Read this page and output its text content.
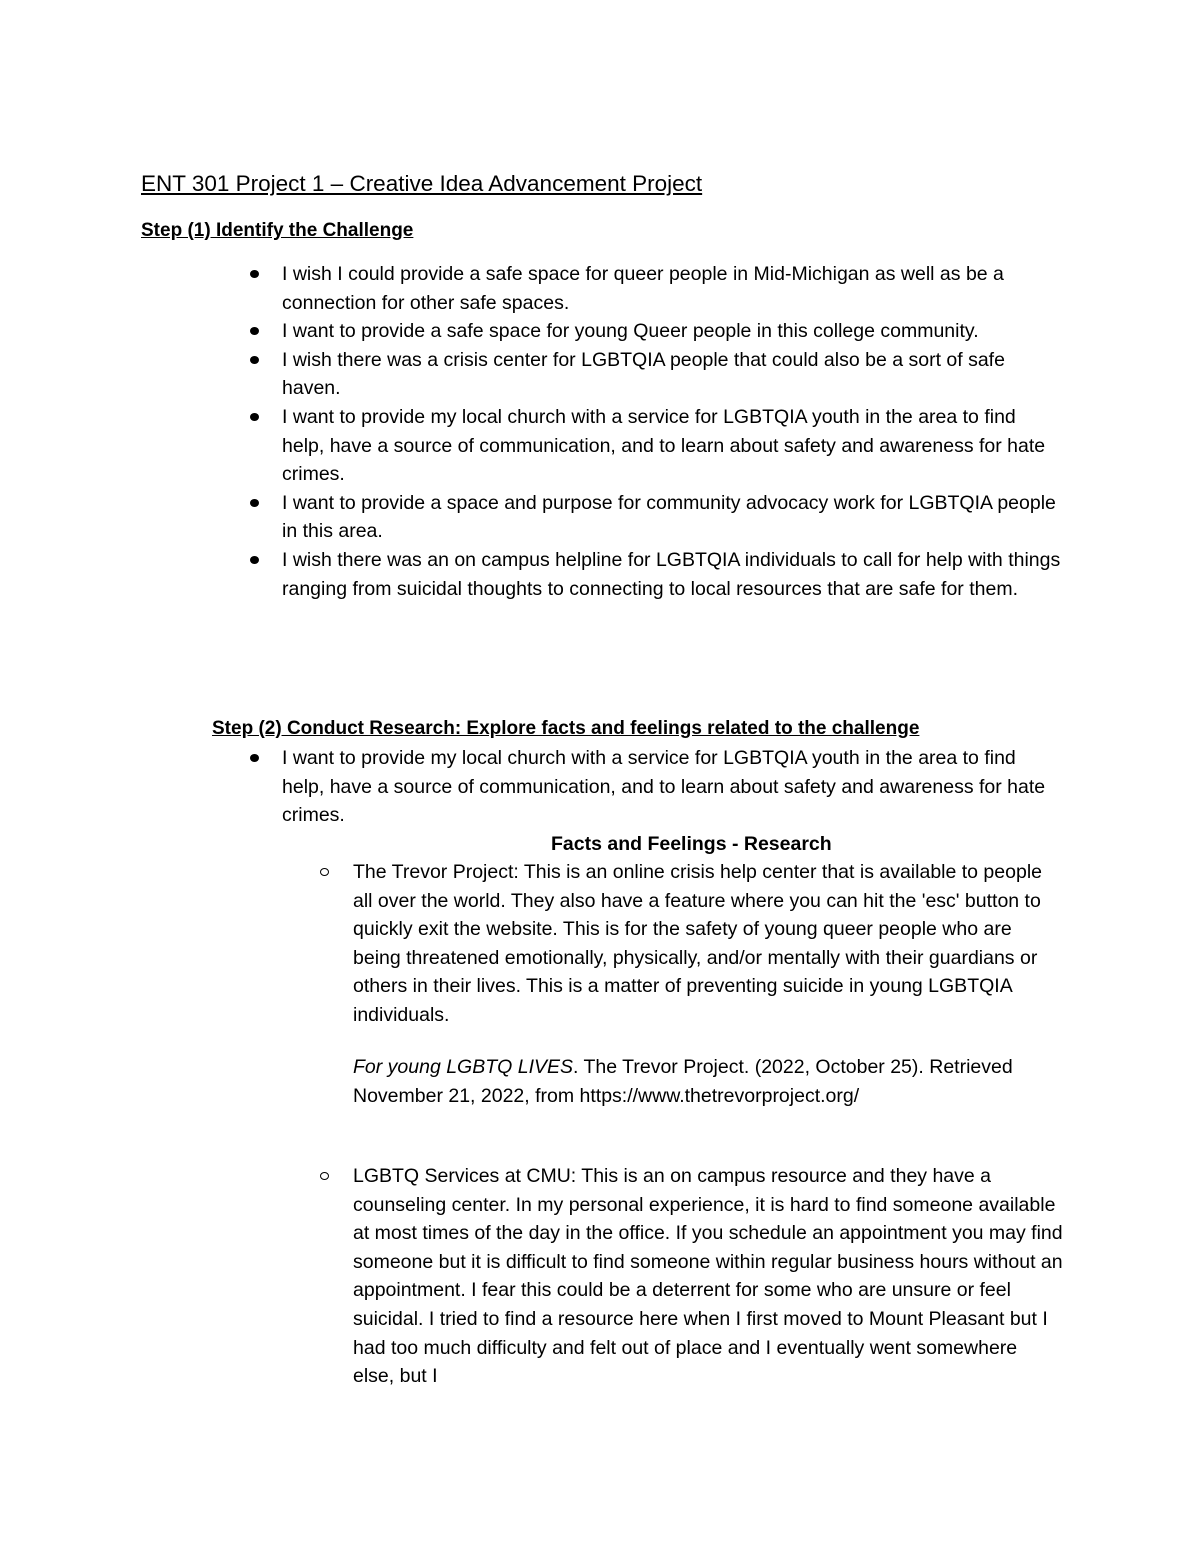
ENT 301 Project 1 – Creative Idea Advancement Project
Step (1) Identify the Challenge
I wish I could provide a safe space for queer people in Mid-Michigan as well as be a connection for other safe spaces.
I want to provide a safe space for young Queer people in this college community.
I wish there was a crisis center for LGBTQIA people that could also be a sort of safe haven.
I want to provide my local church with a service for LGBTQIA youth in the area to find help, have a source of communication, and to learn about safety and awareness for hate crimes.
I want to provide a space and purpose for community advocacy work for LGBTQIA people in this area.
I wish there was an on campus helpline for LGBTQIA individuals to call for help with things ranging from suicidal thoughts to connecting to local resources that are safe for them.
Step (2) Conduct Research: Explore facts and feelings related to the challenge
I want to provide my local church with a service for LGBTQIA youth in the area to find help, have a source of communication, and to learn about safety and awareness for hate crimes.
Facts and Feelings - Research
The Trevor Project: This is an online crisis help center that is available to people all over the world. They also have a feature where you can hit the 'esc' button to quickly exit the website. This is for the safety of young queer people who are being threatened emotionally, physically, and/or mentally with their guardians or others in their lives. This is a matter of preventing suicide in young LGBTQIA individuals.
For young LGBTQ LIVES. The Trevor Project. (2022, October 25). Retrieved November 21, 2022, from https://www.thetrevorproject.org/
LGBTQ Services at CMU: This is an on campus resource and they have a counseling center. In my personal experience, it is hard to find someone available at most times of the day in the office. If you schedule an appointment you may find someone but it is difficult to find someone within regular business hours without an appointment. I fear this could be a deterrent for some who are unsure or feel suicidal. I tried to find a resource here when I first moved to Mount Pleasant but I had too much difficulty and felt out of place and I eventually went somewhere else, but I
